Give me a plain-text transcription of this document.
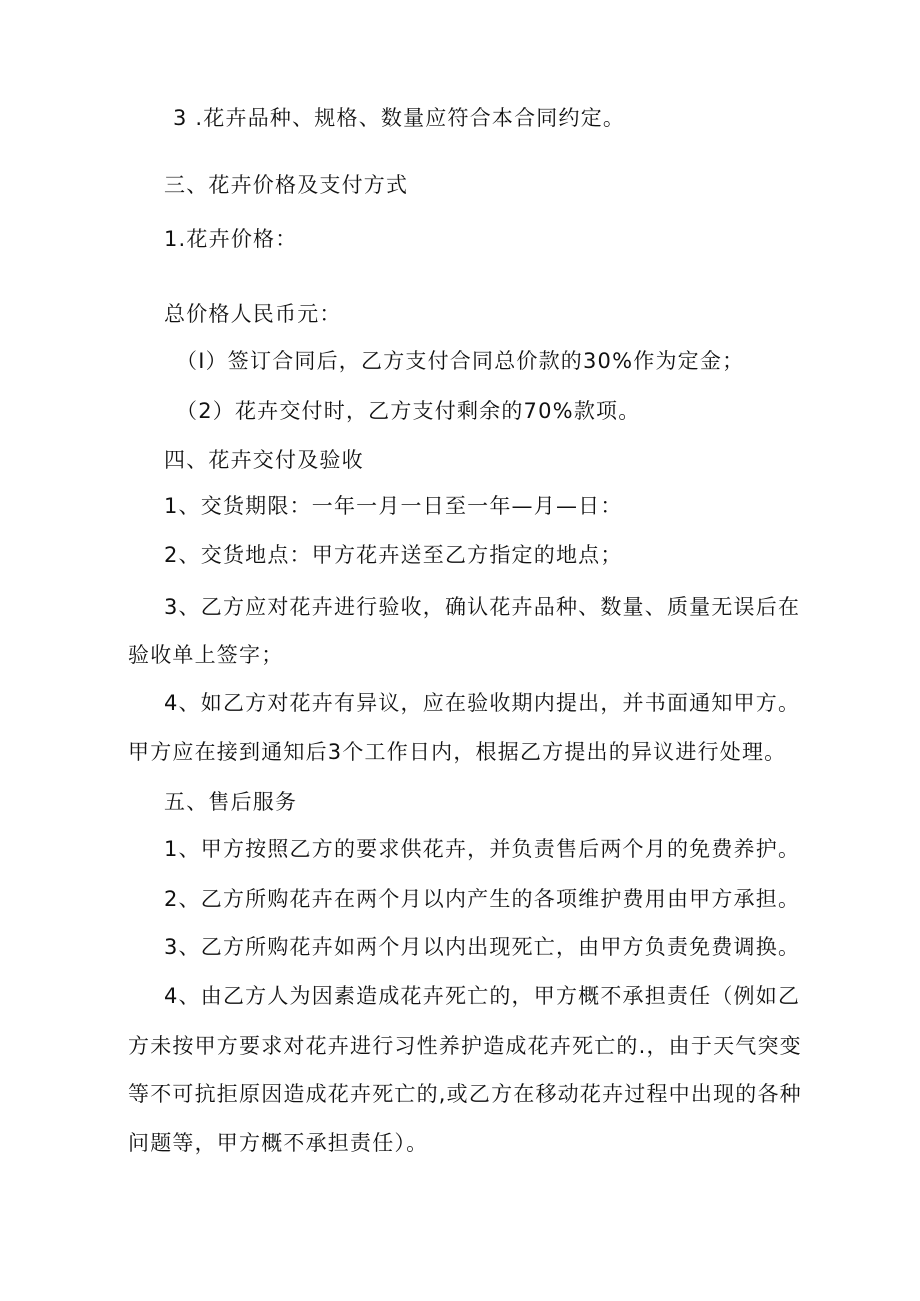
3 .花卉品种、规格、数量应符合本合同约定。
三、花卉价格及支付方式
1.花卉价格：
总价格人民币元：
（I）签订合同后，乙方支付合同总价款的30%作为定金；
（2）花卉交付时，乙方支付剩余的70%款项。
四、花卉交付及验收
1、交货期限：一年一月一日至一年—月—日：
2、交货地点：甲方花卉送至乙方指定的地点；
3、乙方应对花卉进行验收，确认花卉品种、数量、质量无误后在
验收单上签字；
4、如乙方对花卉有异议，应在验收期内提出，并书面通知甲方。
甲方应在接到通知后3个工作日内，根据乙方提出的异议进行处理。
五、售后服务
1、甲方按照乙方的要求供花卉，并负责售后两个月的免费养护。
2、乙方所购花卉在两个月以内产生的各项维护费用由甲方承担。
3、乙方所购花卉如两个月以内出现死亡，由甲方负责免费调换。
4、由乙方人为因素造成花卉死亡的，甲方概不承担责任（例如乙
方未按甲方要求对花卉进行习性养护造成花卉死亡的.，由于天气突变
等不可抗拒原因造成花卉死亡的,或乙方在移动花卉过程中出现的各种
问题等，甲方概不承担责任）。
